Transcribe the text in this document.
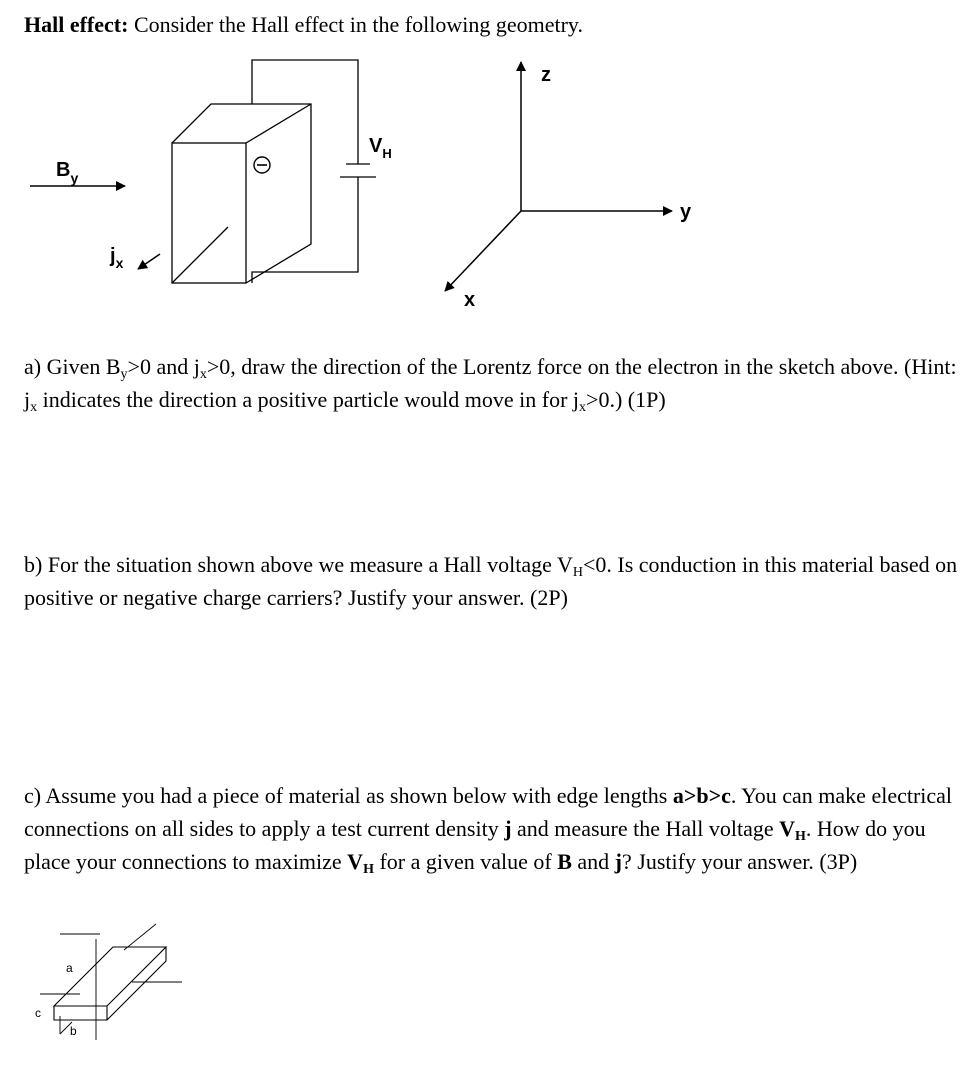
Hall effect: Consider the Hall effect in the following geometry.

$B_y$
$V_H$
$j_x$
z
y
x

a) Given $B_y>0$ and $j_x>0$, draw the direction of the Lorentz force on the electron in the sketch above. (Hint: $j_x$ indicates the direction a positive particle would move in for $j_x>0$.) (1P)

b) For the situation shown above we measure a Hall voltage $V_H<0$. Is conduction in this material based on positive or negative charge carriers? Justify your answer. (2P)

c) Assume you had a piece of material as shown below with edge lengths a>b>c. You can make electrical connections on all sides to apply a test current density j and measure the Hall voltage $V_H$. How do you place your connections to maximize $V_H$ for a given value of B and j? Justify your answer. (3P)

a
b
c
